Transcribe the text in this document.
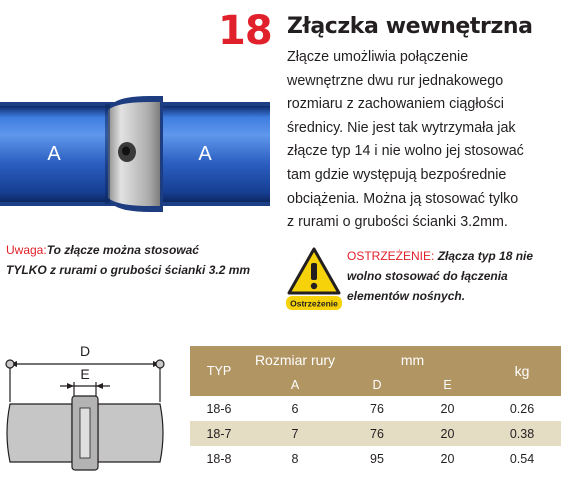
18 Złączka wewnętrzna
Złącze umożliwia połączenie
wewnętrzne dwu rur jednakowego
rozmiaru z zachowaniem ciągłości
średnicy. Nie jest tak wytrzymała jak
złącze typ 14 i nie wolno jej stosować
tam gdzie występują bezpośrednie
obciążenia. Można ją stosować tylko
z rurami o grubości ścianki 3.2mm.
A	A
Uwaga:To złącze można stosować
TYLKO z rurami o grubości ścianki 3.2 mm
Ostrzeżenie
OSTRZEŻENIE: Złącza typ 18 nie
wolno stosować do łączenia
elementów nośnych.
D
E	TYP	Rozmiar rury	mm		kg
	A	D	E	
18-6	6	76	20	0.26
18-7	7	76	20	0.38
18-8	8	95	20	0.54
